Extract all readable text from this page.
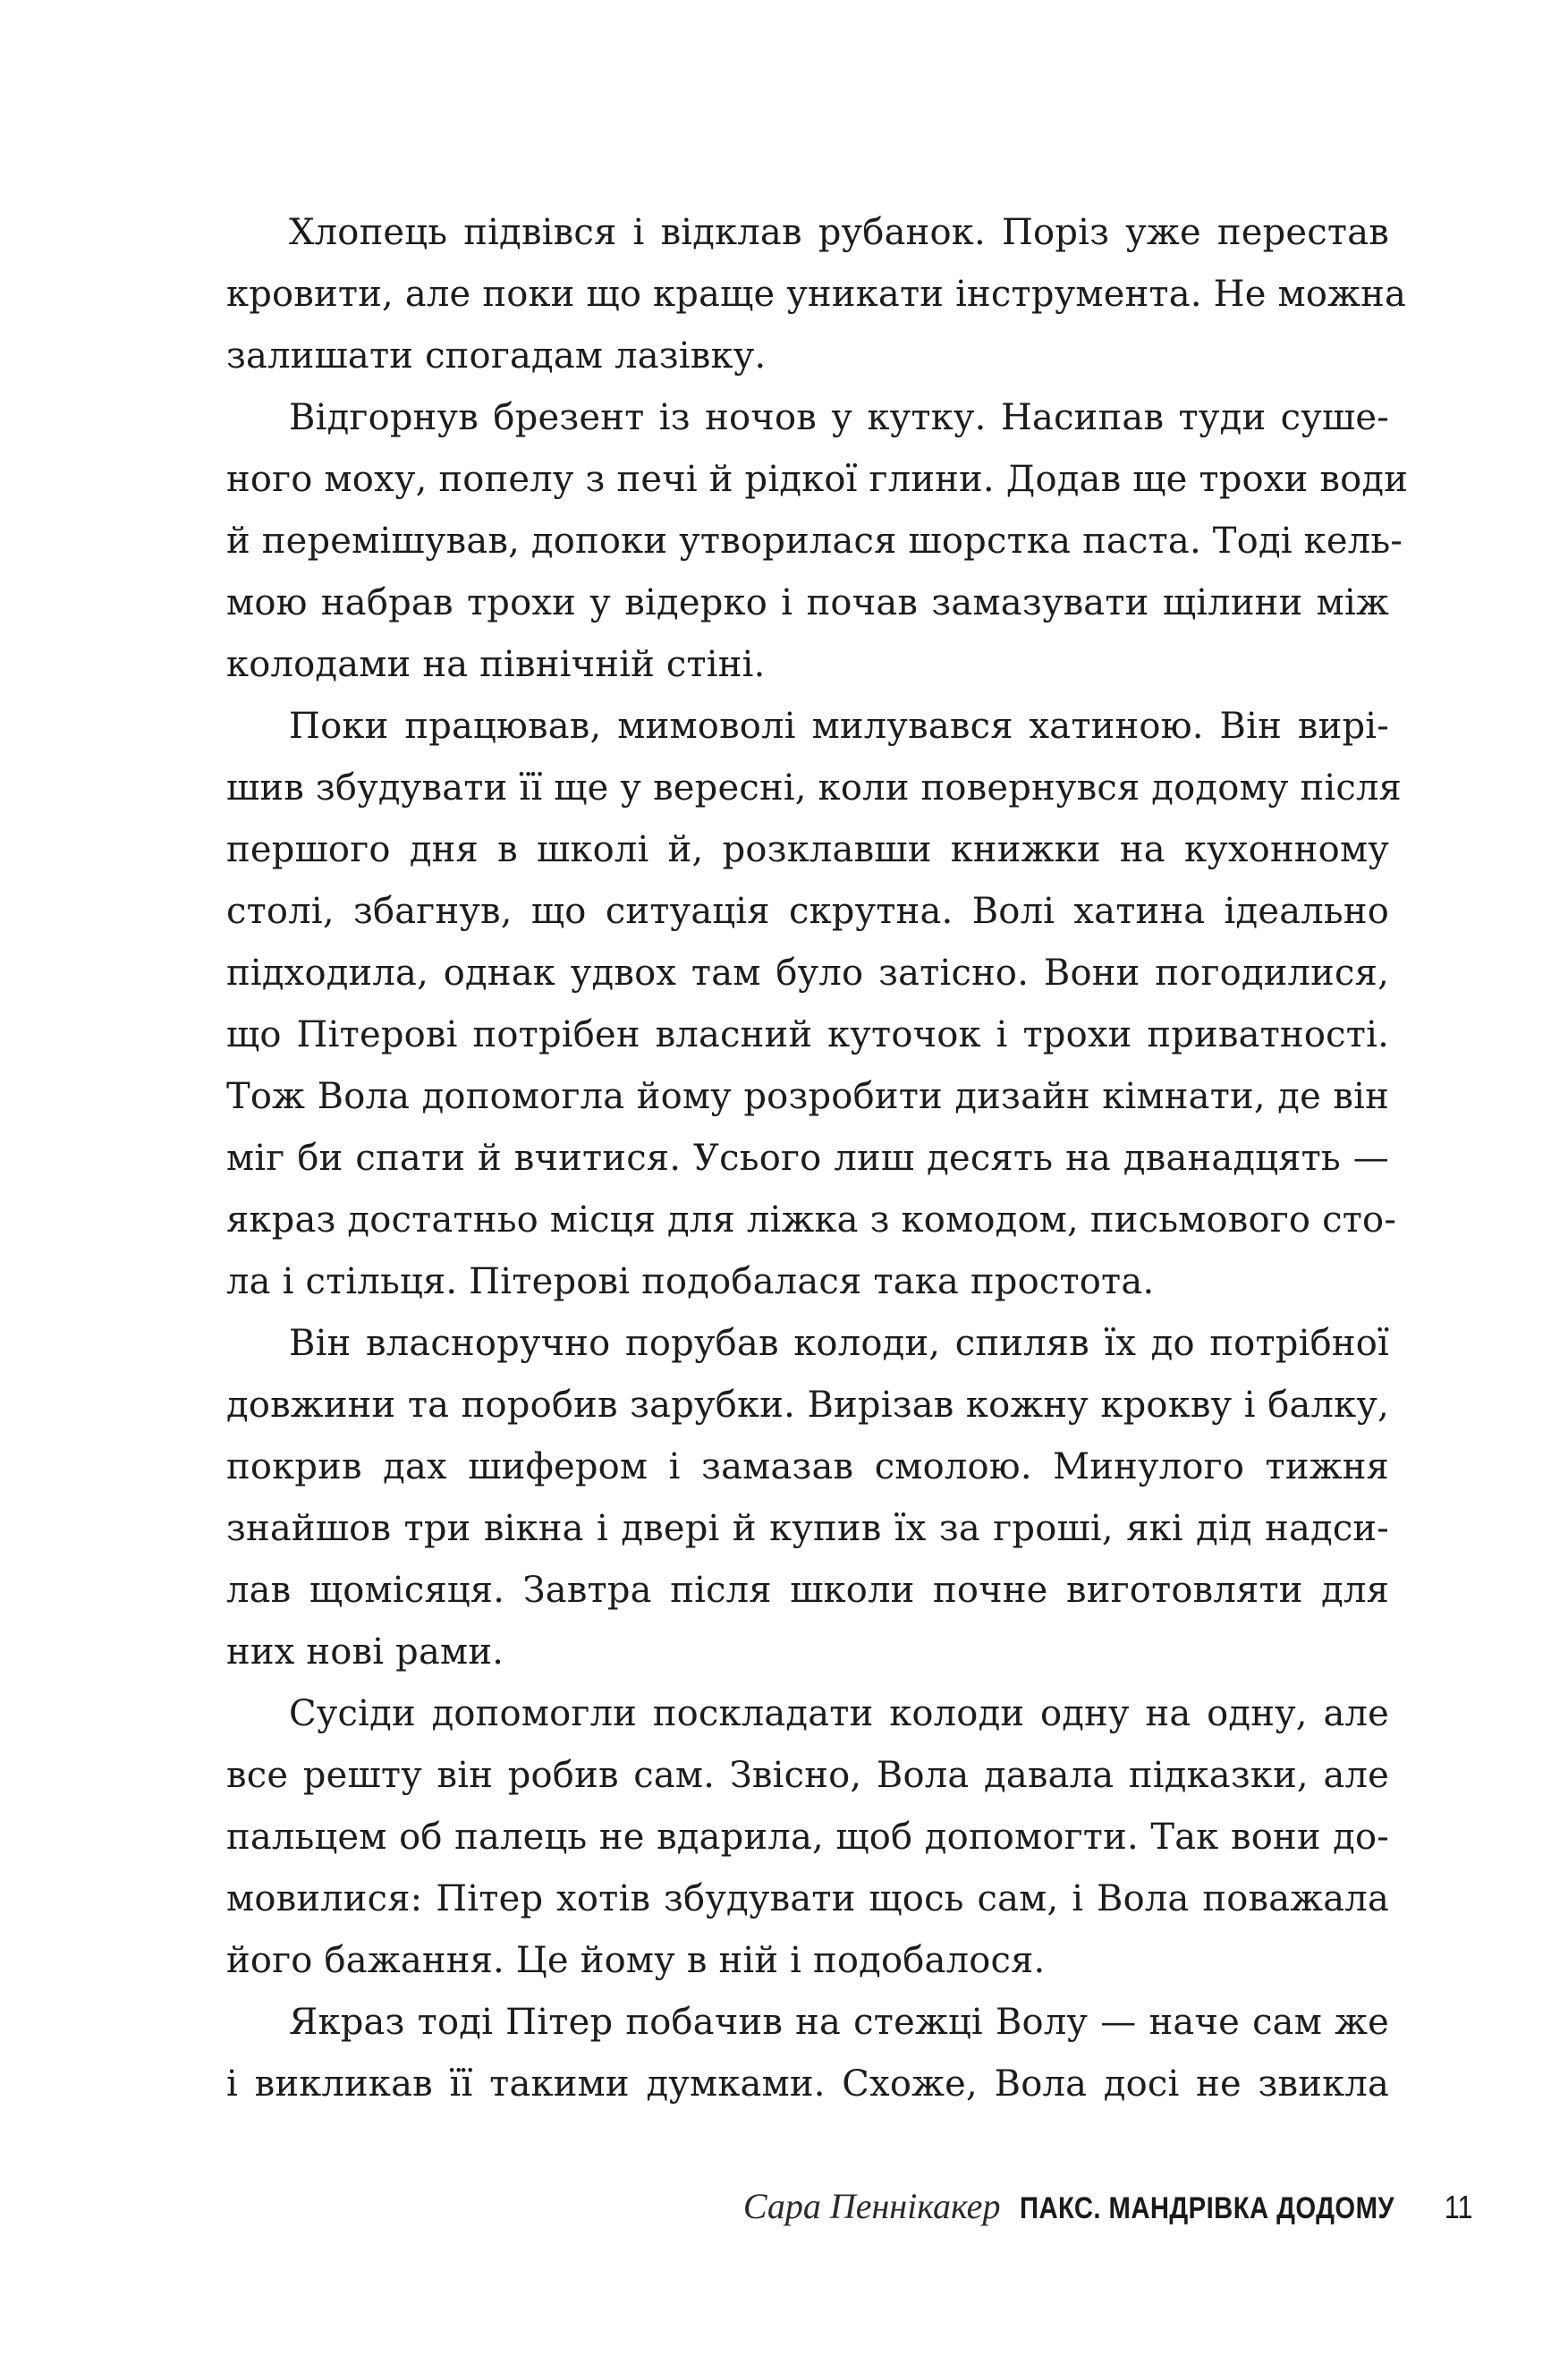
Хлопець підвівся і відклав рубанок. Поріз уже перестав
кровити, але поки що краще уникати інструмента. Не можна
залишати спогадам лазівку.
Відгорнув брезент із ночов у кутку. Насипав туди суше-
ного моху, попелу з печі й рідкої глини. Додав ще трохи води
й перемішував, допоки утворилася шорстка паста. Тоді кель-
мою набрав трохи у відерко і почав замазувати щілини між
колодами на північній стіні.
Поки працював, мимоволі милувався хатиною. Він вирі-
шив збудувати її ще у вересні, коли повернувся додому після
першого дня в школі й, розклавши книжки на кухонному
столі, збагнув, що ситуація скрутна. Волі хатина ідеально
підходила, однак удвох там було затісно. Вони погодилися,
що Пітерові потрібен власний куточок і трохи приватності.
Тож Вола допомогла йому розробити дизайн кімнати, де він
міг би спати й вчитися. Усього лиш десять на дванадцять —
якраз достатньо місця для ліжка з комодом, письмового сто-
ла і стільця. Пітерові подобалася така простота.
Він власноручно порубав колоди, спиляв їх до потрібної
довжини та поробив зарубки. Вирізав кожну крокву і балку,
покрив дах шифером і замазав смолою. Минулого тижня
знайшов три вікна і двері й купив їх за гроші, які дід надси-
лав щомісяця. Завтра після школи почне виготовляти для
них нові рами.
Сусіди допомогли поскладати колоди одну на одну, але
все решту він робив сам. Звісно, Вола давала підказки, але
пальцем об палець не вдарила, щоб допомогти. Так вони до-
мовилися: Пітер хотів збудувати щось сам, і Вола поважала
його бажання. Це йому в ній і подобалося.
Якраз тоді Пітер побачив на стежці Волу — наче сам же
і викликав її такими думками. Схоже, Вола досі не звикла
Сара Пеннікакер ПАКС. МАНДРІВКА ДОДОМУ 11
